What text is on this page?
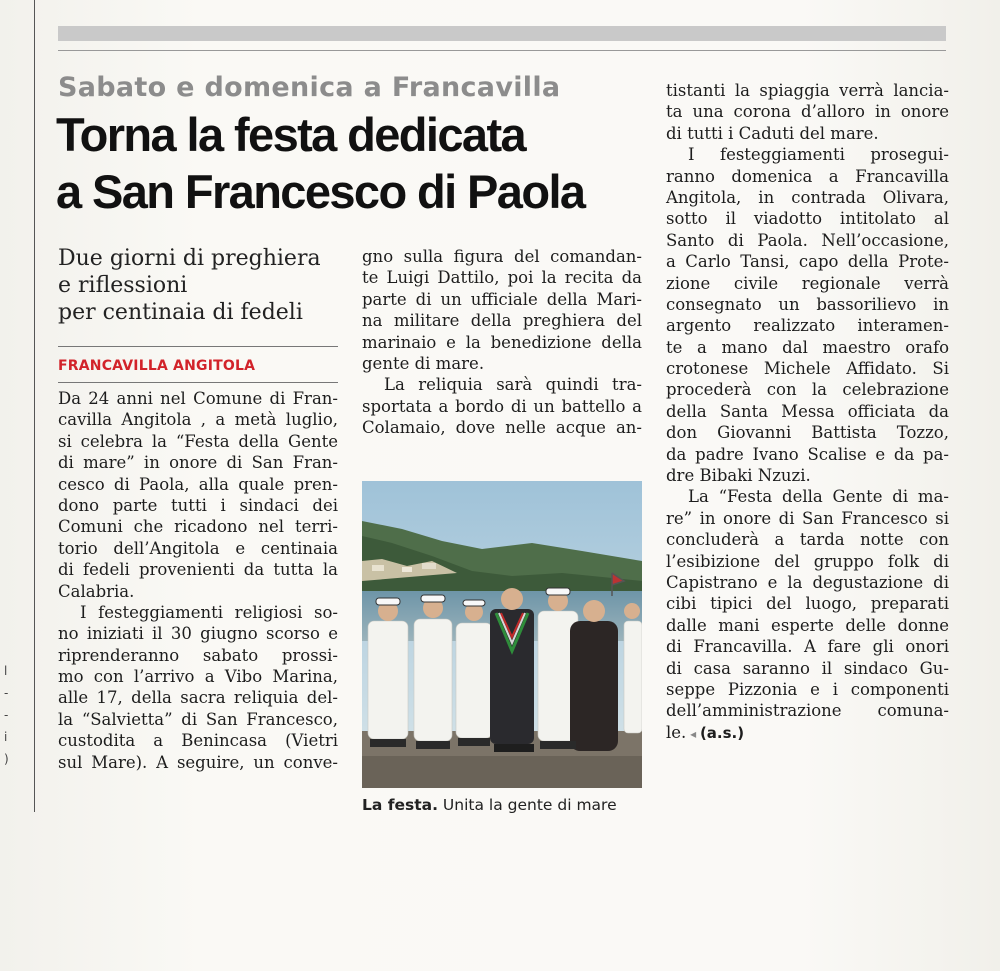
Sabato e domenica a Francavilla
Torna la festa dedicata
a San Francesco di Paola
Due giorni di preghiera
e riflessioni
per centinaia di fedeli
FRANCAVILLA ANGITOLA
Da 24 anni nel Comune di Fran-
cavilla Angitola , a metà luglio,
si celebra la “Festa della Gente
di mare” in onore di San Fran-
cesco di Paola, alla quale pren-
dono parte tutti i sindaci dei
Comuni che ricadono nel terri-
torio dell’Angitola e centinaia
di fedeli provenienti da tutta la
Calabria.
I festeggiamenti religiosi so-
no iniziati il 30 giugno scorso e
riprenderanno sabato prossi-
mo con l’arrivo a Vibo Marina,
alle 17, della sacra reliquia del-
la “Salvietta” di San Francesco,
custodita a Benincasa (Vietri
sul Mare). A seguire, un conve-
gno sulla figura del comandan-
te Luigi Dattilo, poi la recita da
parte di un ufficiale della Mari-
na militare della preghiera del
marinaio e la benedizione della
gente di mare.
La reliquia sarà quindi tra-
sportata a bordo di un battello a
Colamaio, dove nelle acque an-
tistanti la spiaggia verrà lancia-
ta una corona d’alloro in onore
di tutti i Caduti del mare.
I festeggiamenti prosegui-
ranno domenica a Francavilla
Angitola, in contrada Olivara,
sotto il viadotto intitolato al
Santo di Paola. Nell’occasione,
a Carlo Tansi, capo della Prote-
zione civile regionale verrà
consegnato un bassorilievo in
argento realizzato interamen-
te a mano dal maestro orafo
crotonese Michele Affidato. Si
procederà con la celebrazione
della Santa Messa officiata da
don Giovanni Battista Tozzo,
da padre Ivano Scalise e da pa-
dre Bibaki Nzuzi.
La “Festa della Gente di ma-
re” in onore di San Francesco si
concluderà a tarda notte con
l’esibizione del gruppo folk di
Capistrano e la degustazione di
cibi tipici del luogo, preparati
dalle mani esperte delle donne
di Francavilla. A fare gli onori
di casa saranno il sindaco Gu-
seppe Pizzonia e i componenti
dell’amministrazione comuna-
le. ◂ (a.s.)
La festa. Unita la gente di mare
l
-
-
i
)
